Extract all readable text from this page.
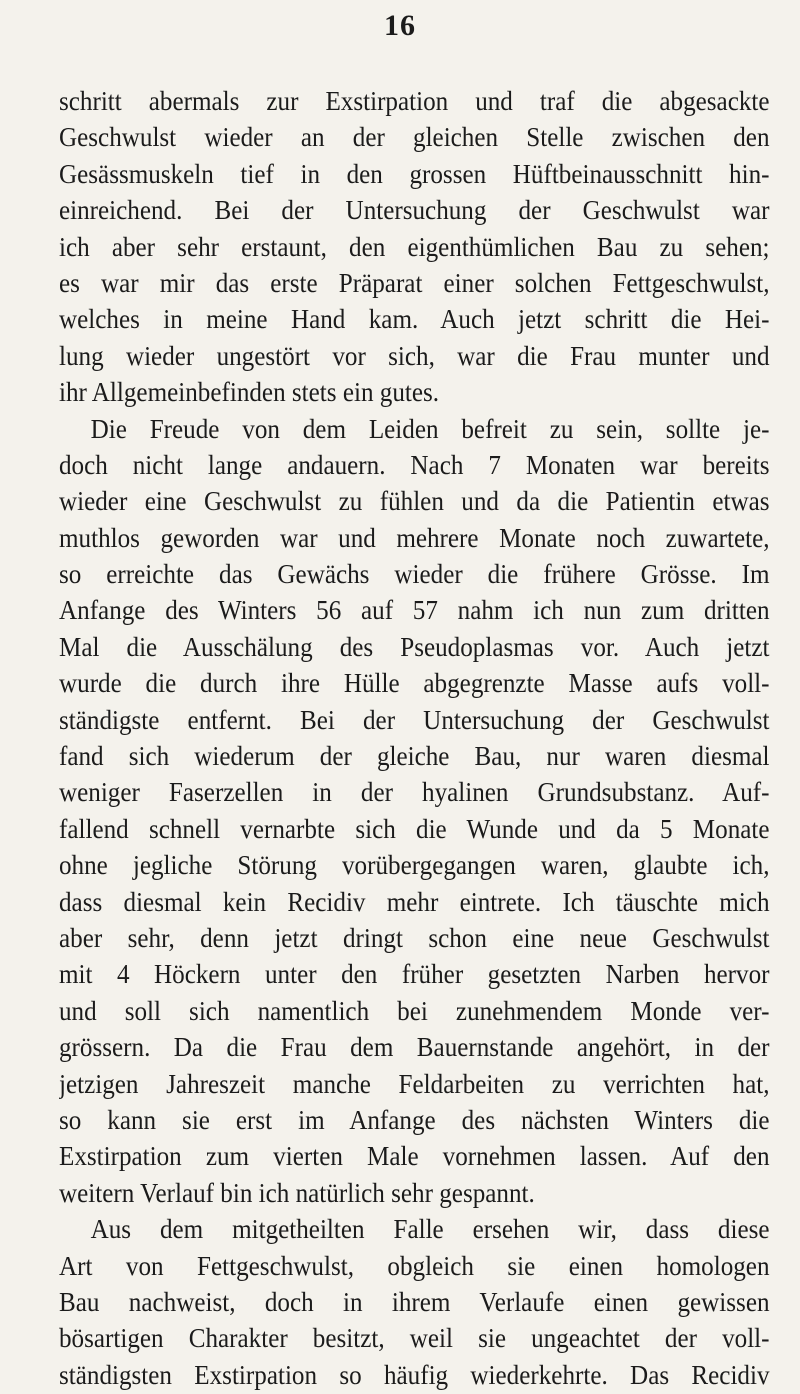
16
schritt abermals zur Exstirpation und traf die abgesackte
Geschwulst wieder an der gleichen Stelle zwischen den
Gesässmuskeln tief in den grossen Hüftbeinausschnitt hin-
einreichend. Bei der Untersuchung der Geschwulst war
ich aber sehr erstaunt, den eigenthümlichen Bau zu sehen;
es war mir das erste Präparat einer solchen Fettgeschwulst,
welches in meine Hand kam. Auch jetzt schritt die Hei-
lung wieder ungestört vor sich, war die Frau munter und
ihr Allgemeinbefinden stets ein gutes.
Die Freude von dem Leiden befreit zu sein, sollte je-
doch nicht lange andauern. Nach 7 Monaten war bereits
wieder eine Geschwulst zu fühlen und da die Patientin etwas
muthlos geworden war und mehrere Monate noch zuwartete,
so erreichte das Gewächs wieder die frühere Grösse. Im
Anfange des Winters 56 auf 57 nahm ich nun zum dritten
Mal die Ausschälung des Pseudoplasmas vor. Auch jetzt
wurde die durch ihre Hülle abgegrenzte Masse aufs voll-
ständigste entfernt. Bei der Untersuchung der Geschwulst
fand sich wiederum der gleiche Bau, nur waren diesmal
weniger Faserzellen in der hyalinen Grundsubstanz. Auf-
fallend schnell vernarbte sich die Wunde und da 5 Monate
ohne jegliche Störung vorübergegangen waren, glaubte ich,
dass diesmal kein Recidiv mehr eintrete. Ich täuschte mich
aber sehr, denn jetzt dringt schon eine neue Geschwulst
mit 4 Höckern unter den früher gesetzten Narben hervor
und soll sich namentlich bei zunehmendem Monde ver-
grössern. Da die Frau dem Bauernstande angehört, in der
jetzigen Jahreszeit manche Feldarbeiten zu verrichten hat,
so kann sie erst im Anfange des nächsten Winters die
Exstirpation zum vierten Male vornehmen lassen. Auf den
weitern Verlauf bin ich natürlich sehr gespannt.
Aus dem mitgetheilten Falle ersehen wir, dass diese
Art von Fettgeschwulst, obgleich sie einen homologen
Bau nachweist, doch in ihrem Verlaufe einen gewissen
bösartigen Charakter besitzt, weil sie ungeachtet der voll-
ständigsten Exstirpation so häufig wiederkehrte. Das Recidiv
